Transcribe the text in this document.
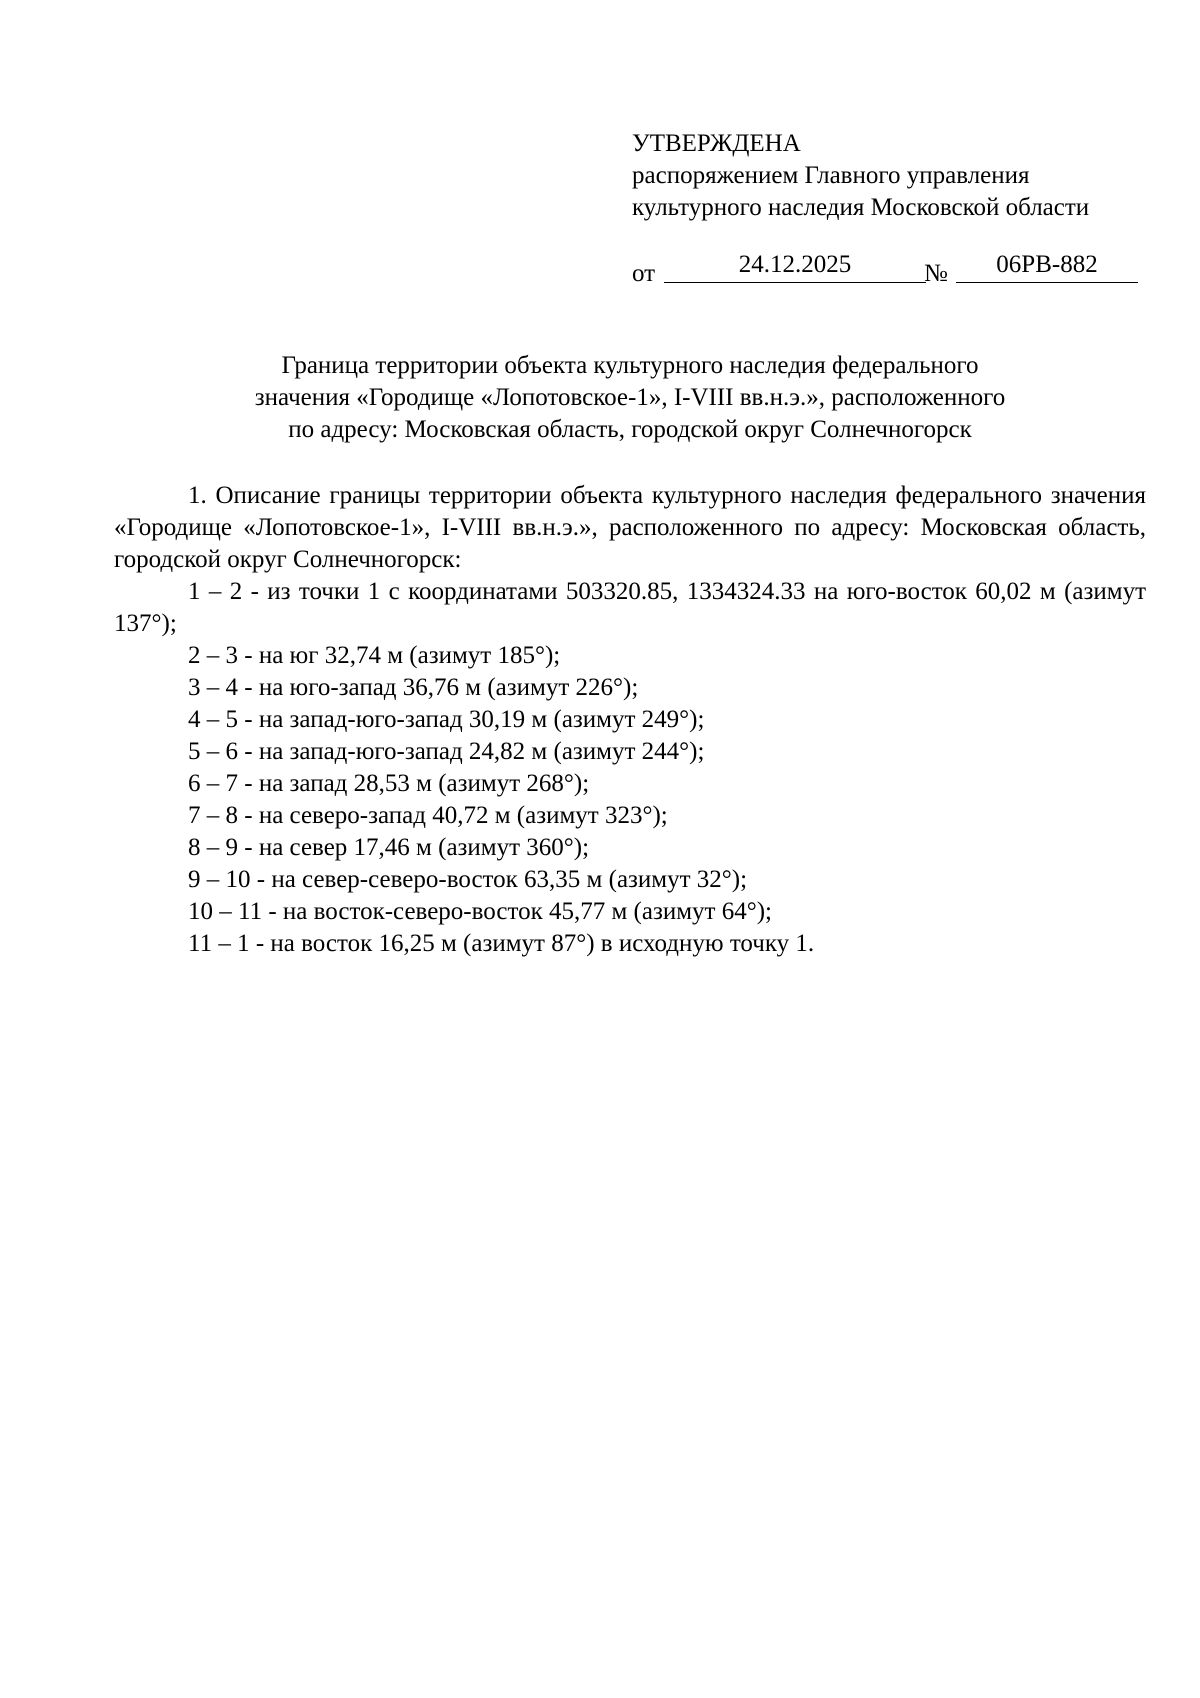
УТВЕРЖДЕНА
распоряжением Главного управления
культурного наследия Московской области
от	24.12.2025	№	06РВ-882
Граница территории объекта культурного наследия федерального
значения «Городище «Лопотовское-1», I-VIII вв.н.э.», расположенного
по адресу: Московская область, городской округ Солнечногорск

1. Описание границы территории объекта культурного наследия федерального значения «Городище «Лопотовское-1», I-VIII вв.н.э.», расположенного по адресу: Московская область, городской округ Солнечногорск:

1 – 2 - из точки 1 с координатами 503320.85, 1334324.33 на юго-восток 60,02 м (азимут 137°);

2 – 3 - на юг 32,74 м (азимут 185°);

3 – 4 - на юго-запад 36,76 м (азимут 226°);

4 – 5 - на запад-юго-запад 30,19 м (азимут 249°);

5 – 6 - на запад-юго-запад 24,82 м (азимут 244°);

6 – 7 - на запад 28,53 м (азимут 268°);

7 – 8 - на северо-запад 40,72 м (азимут 323°);

8 – 9 - на север 17,46 м (азимут 360°);

9 – 10 - на север-северо-восток 63,35 м (азимут 32°);

10 – 11 - на восток-северо-восток 45,77 м (азимут 64°);

11 – 1 - на восток 16,25 м (азимут 87°) в исходную точку 1.
